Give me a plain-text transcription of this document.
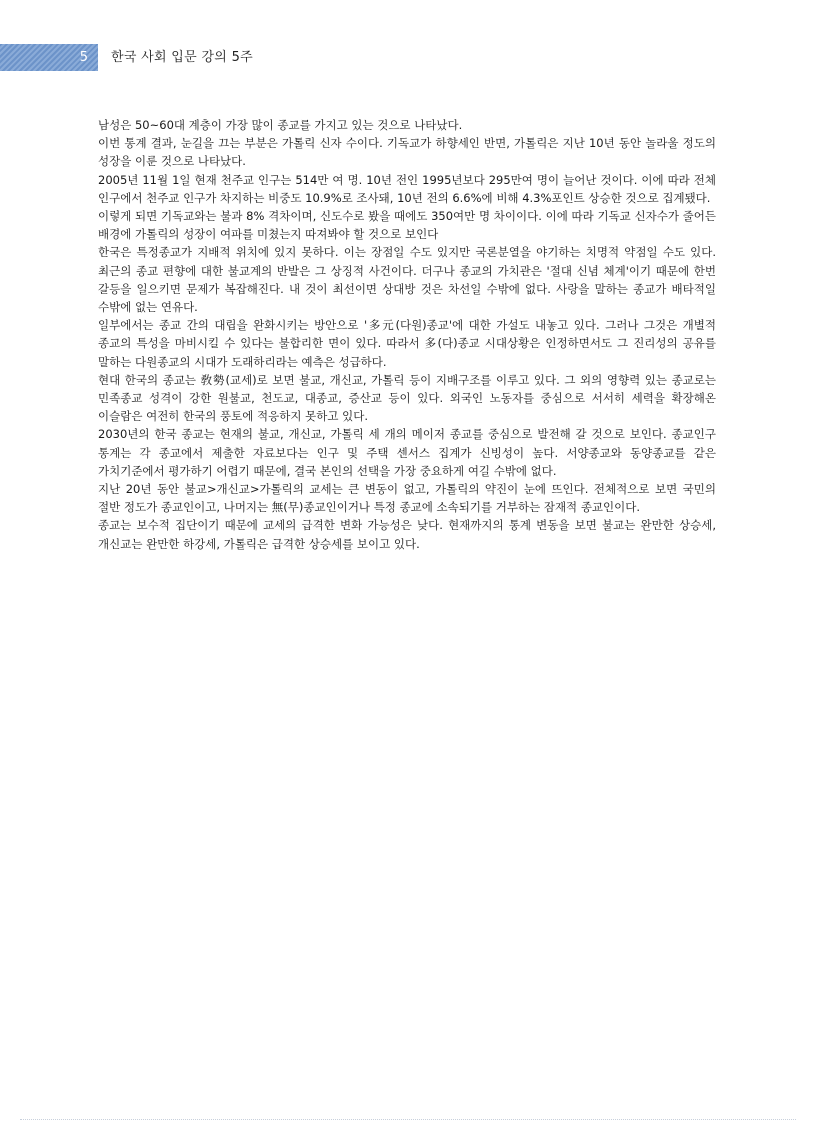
5	한국 사회 입문 강의 5주

남성은 50~60대 계층이 가장 많이 종교를 가지고 있는 것으로 나타났다.

이번 통계 결과, 눈길을 끄는 부분은 가톨릭 신자 수이다. 기독교가 하향세인 반면, 가톨릭은 지난 10년 동안 놀라울 정도의 성장을 이룬 것으로 나타났다.

2005년 11월 1일 현재 천주교 인구는 514만 여 명. 10년 전인 1995년보다 295만여 명이 늘어난 것이다. 이에 따라 전체 인구에서 천주교 인구가 차지하는 비중도 10.9%로 조사돼, 10년 전의 6.6%에 비해 4.3%포인트 상승한 것으로 집계됐다.

이렇게 되면 기독교와는 불과 8% 격차이며, 신도수로 봤을 때에도 350여만 명 차이이다. 이에 따라 기독교 신자수가 줄어든 배경에 가톨릭의 성장이 여파를 미쳤는지 따져봐야 할 것으로 보인다

한국은 특정종교가 지배적 위치에 있지 못하다. 이는 장점일 수도 있지만 국론분열을 야기하는 치명적 약점일 수도 있다. 최근의 종교 편향에 대한 불교계의 반발은 그 상징적 사건이다. 더구나 종교의 가치관은 '절대 신념 체계'이기 때문에 한번 갈등을 일으키면 문제가 복잡해진다. 내 것이 최선이면 상대방 것은 차선일 수밖에 없다. 사랑을 말하는 종교가 배타적일 수밖에 없는 연유다.

일부에서는 종교 간의 대립을 완화시키는 방안으로 '多元(다원)종교'에 대한 가설도 내놓고 있다. 그러나 그것은 개별적 종교의 특성을 마비시킬 수 있다는 불합리한 면이 있다. 따라서 多(다)종교 시대상황은 인정하면서도 그 진리성의 공유를 말하는 다원종교의 시대가 도래하리라는 예측은 성급하다.

현대 한국의 종교는 敎勢(교세)로 보면 불교, 개신교, 가톨릭 등이 지배구조를 이루고 있다. 그 외의 영향력 있는 종교로는 민족종교 성격이 강한 원불교, 천도교, 대종교, 증산교 등이 있다. 외국인 노동자를 중심으로 서서히 세력을 확장해온 이슬람은 여전히 한국의 풍토에 적응하지 못하고 있다.

2030년의 한국 종교는 현재의 불교, 개신교, 가톨릭 세 개의 메이저 종교를 중심으로 발전해 갈 것으로 보인다. 종교인구 통계는 각 종교에서 제출한 자료보다는 인구 및 주택 센서스 집계가 신빙성이 높다. 서양종교와 동양종교를 같은 가치기준에서 평가하기 어렵기 때문에, 결국 본인의 선택을 가장 중요하게 여길 수밖에 없다.

지난 20년 동안 불교>개신교>가톨릭의 교세는 큰 변동이 없고, 가톨릭의 약진이 눈에 뜨인다. 전체적으로 보면 국민의 절반 정도가 종교인이고, 나머지는 無(무)종교인이거나 특정 종교에 소속되기를 거부하는 잠재적 종교인이다.

종교는 보수적 집단이기 때문에 교세의 급격한 변화 가능성은 낮다. 현재까지의 통계 변동을 보면 불교는 완만한 상승세, 개신교는 완만한 하강세, 가톨릭은 급격한 상승세를 보이고 있다.
